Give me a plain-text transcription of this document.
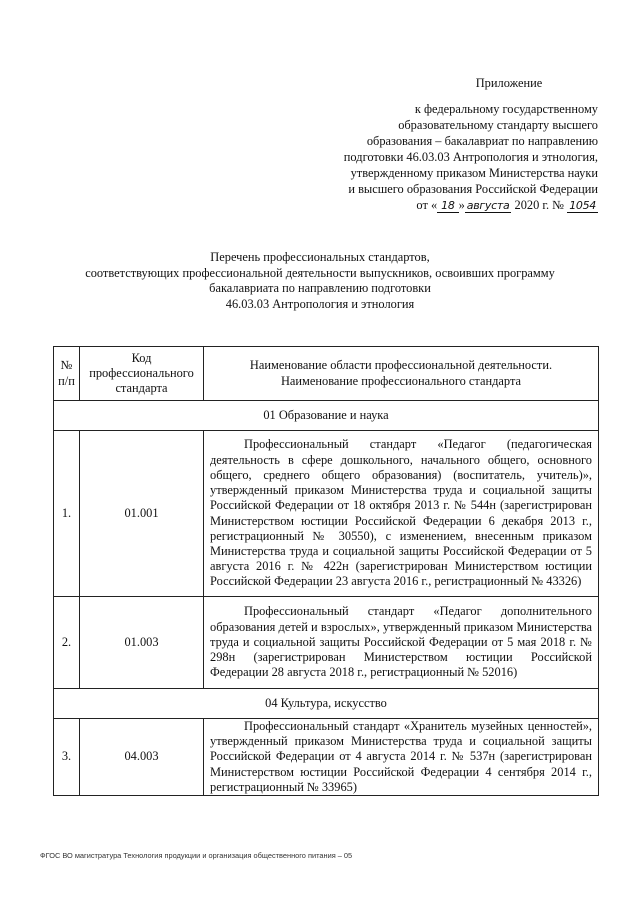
Приложение
к федеральному государственному
образовательному стандарту высшего
образования – бакалавриат по направлению
подготовки 46.03.03 Антропология и этнология,
утвержденному приказом Министерства науки
и высшего образования Российской Федерации
от « 18 » августа 2020 г. № 1054
Перечень профессиональных стандартов,
соответствующих профессиональной деятельности выпускников, освоивших программу
бакалавриата по направлению подготовки
46.03.03 Антропология и этнология
№ п/п	Код профессионального стандарта	Наименование области профессиональной деятельности.
Наименование профессионального стандарта

01 Образование и наука		
1.	01.001	Профессиональный стандарт «Педагог (педагогическая деятельность в сфере дошкольного, начального общего, основного общего, среднего общего образования) (воспитатель, учитель)», утвержденный приказом Министерства труда и социальной защиты Российской Федерации от 18 октября 2013 г. № 544н (зарегистрирован Министерством юстиции Российской Федерации 6 декабря 2013 г., регистрационный № 30550), с изменением, внесенным приказом Министерства труда и социальной защиты Российской Федерации от 5 августа 2016 г. № 422н (зарегистрирован Министерством юстиции Российской Федерации 23 августа 2016 г., регистрационный № 43326)
2.	01.003	Профессиональный стандарт «Педагог дополнительного образования детей и взрослых», утвержденный приказом Министерства труда и социальной защиты Российской Федерации от 5 мая 2018 г. № 298н (зарегистрирован Министерством юстиции Российской Федерации 28 августа 2018 г., регистрационный № 52016)
04 Культура, искусство		
3.	04.003	Профессиональный стандарт «Хранитель музейных ценностей», утвержденный приказом Министерства труда и социальной защиты Российской Федерации от 4 августа 2014 г. № 537н (зарегистрирован Министерством юстиции Российской Федерации 4 сентября 2014 г., регистрационный № 33965)
ФГОС ВО магистратура Технология продукции и организация общественного питания – 05
